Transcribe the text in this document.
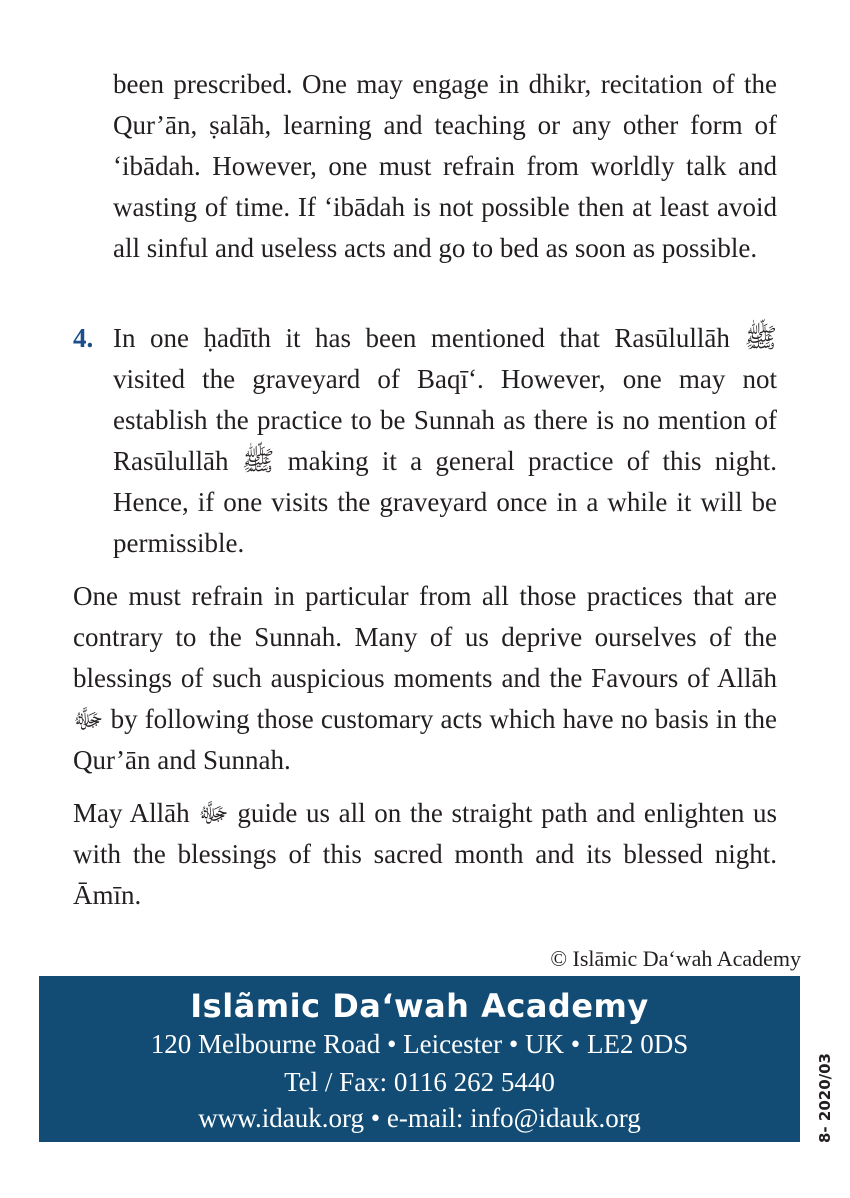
been prescribed. One may engage in dhikr, recitation of the Qur’ān, ṣalāh, learning and teaching or any other form of ‘ibādah. However, one must refrain from worldly talk and wasting of time. If ‘ibādah is not possible then at least avoid all sinful and useless acts and go to bed as soon as possible.

4. In one ḥadīth it has been mentioned that Rasūlullāh ﷺ visited the graveyard of Baqī‘. However, one may not establish the practice to be Sunnah as there is no mention of Rasūlullāh ﷺ making it a general practice of this night. Hence, if one visits the graveyard once in a while it will be permissible.

One must refrain in particular from all those practices that are contrary to the Sunnah. Many of us deprive ourselves of the blessings of such auspicious moments and the Favours of Allāh ﷻ by following those customary acts which have no basis in the Qur’ān and Sunnah.

May Allāh ﷻ guide us all on the straight path and enlighten us with the blessings of this sacred month and its blessed night. Āmīn.

© Islāmic Da‘wah Academy
Islãmic Da‘wah Academy
120 Melbourne Road • Leicester • UK • LE2 0DS
Tel / Fax: 0116 262 5440
www.idauk.org • e-mail: info@idauk.org	8- 2020/03
